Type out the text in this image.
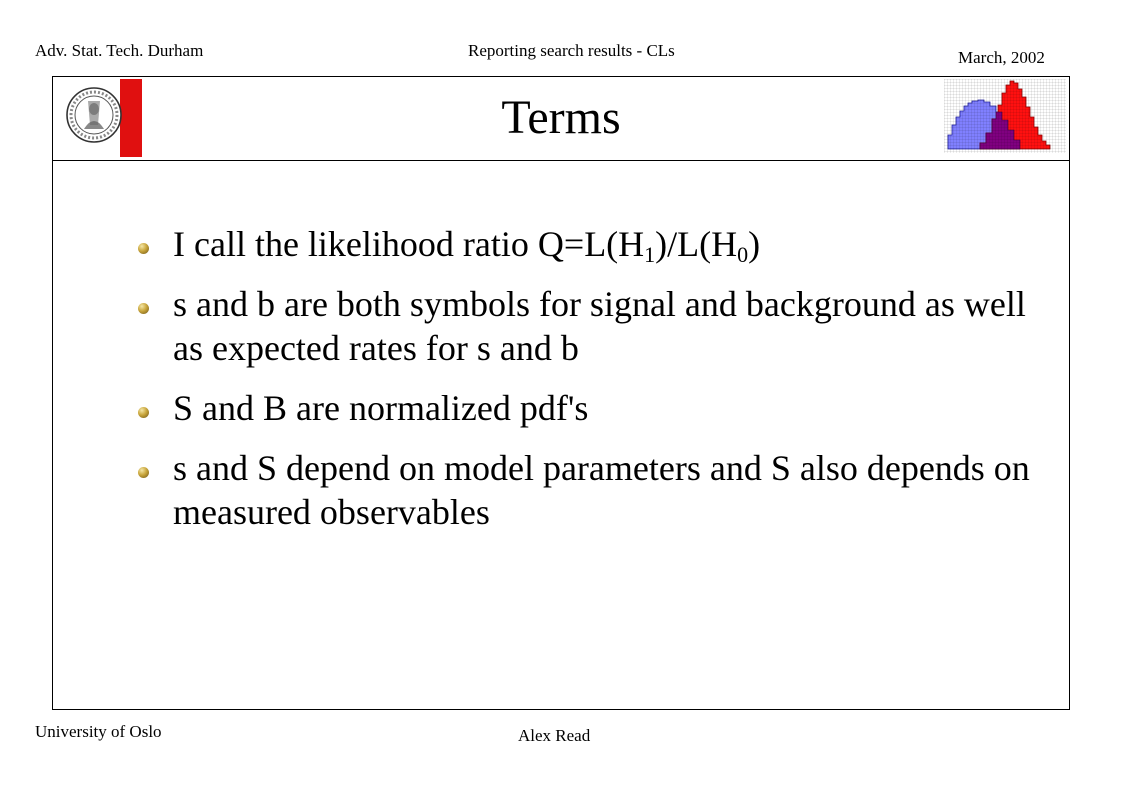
Adv. Stat. Tech. Durham	Reporting search results - CLs	March, 2002
Terms
I call the likelihood ratio $Q=L(H_1)/L(H_0)$
s and b are both symbols for signal and background as well as expected rates for s and b
S and B are normalized pdf's
s and S depend on model parameters and S also depends on measured observables
University of Oslo	Alex Read
